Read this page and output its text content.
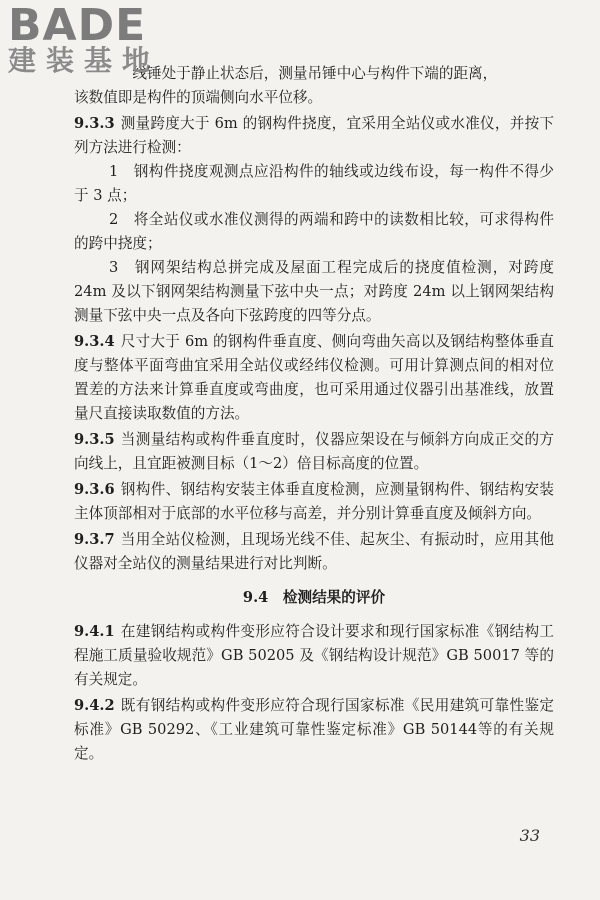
BADE
建装基地

线锤处于静止状态后，测量吊锤中心与构件下端的距离，

该数值即是构件的顶端侧向水平位移。

9.3.3 测量跨度大于 6m 的钢构件挠度，宜采用全站仪或水准仪，并按下列方法进行检测：

1　钢构件挠度观测点应沿构件的轴线或边线布设，每一构件不得少于 3 点；

2　将全站仪或水准仪测得的两端和跨中的读数相比较，可求得构件的跨中挠度；

3　钢网架结构总拼完成及屋面工程完成后的挠度值检测，对跨度 24m 及以下钢网架结构测量下弦中央一点；对跨度 24m 以上钢网架结构测量下弦中央一点及各向下弦跨度的四等分点。

9.3.4 尺寸大于 6m 的钢构件垂直度、侧向弯曲矢高以及钢结构整体垂直度与整体平面弯曲宜采用全站仪或经纬仪检测。可用计算测点间的相对位置差的方法来计算垂直度或弯曲度，也可采用通过仪器引出基准线，放置量尺直接读取数值的方法。

9.3.5 当测量结构或构件垂直度时，仪器应架设在与倾斜方向成正交的方向线上，且宜距被测目标（1～2）倍目标高度的位置。

9.3.6 钢构件、钢结构安装主体垂直度检测，应测量钢构件、钢结构安装主体顶部相对于底部的水平位移与高差，并分别计算垂直度及倾斜方向。

9.3.7 当用全站仪检测，且现场光线不佳、起灰尘、有振动时，应用其他仪器对全站仪的测量结果进行对比判断。

9.4　检测结果的评价

9.4.1 在建钢结构或构件变形应符合设计要求和现行国家标准《钢结构工程施工质量验收规范》GB 50205 及《钢结构设计规范》GB 50017 等的有关规定。

9.4.2 既有钢结构或构件变形应符合现行国家标准《民用建筑可靠性鉴定标准》GB 50292、《工业建筑可靠性鉴定标准》GB 50144等的有关规定。

33
